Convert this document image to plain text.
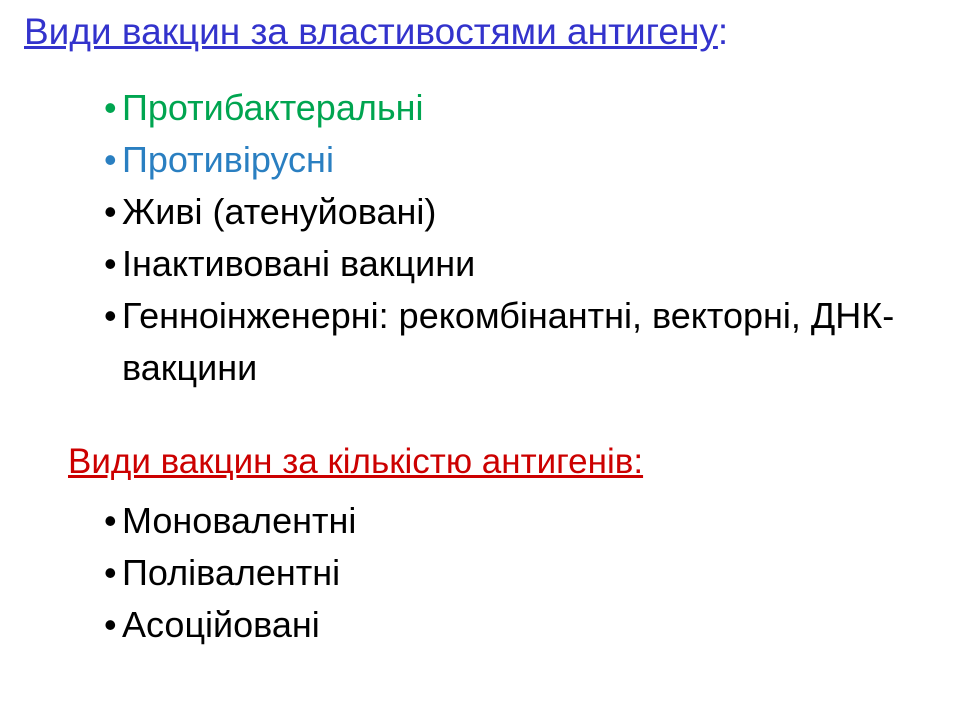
Види вакцин за властивостями антигену:
• Протибактеральні
• Противірусні
• Живі (атенуйовані)
• Інактивовані вакцини
• Генноінженерні: рекомбінантні, векторні, ДНК-вакцини
Види вакцин за кількістю антигенів:
• Моновалентні
• Полівалентні
• Асоційовані
